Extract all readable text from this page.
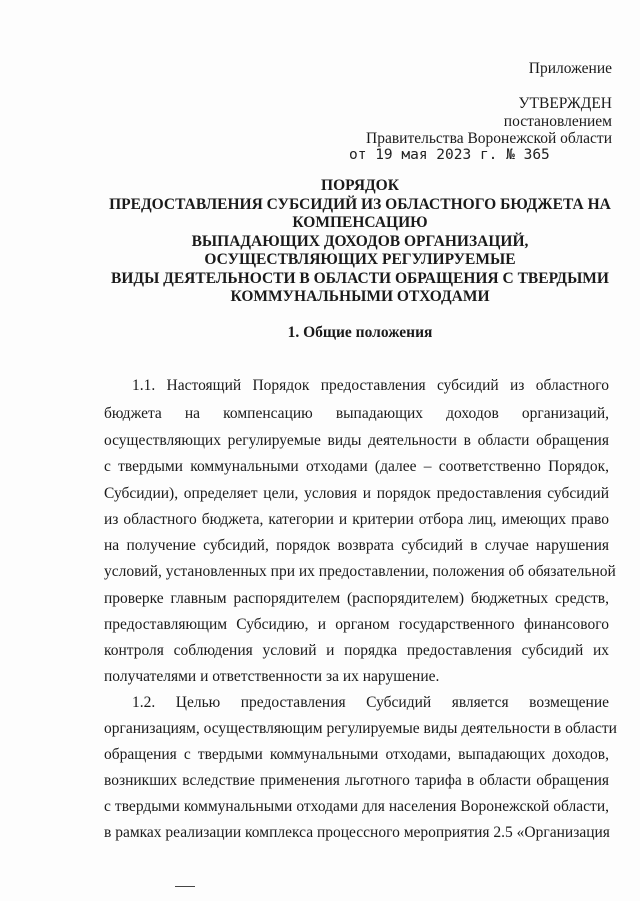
Приложение
УТВЕРЖДЕН
постановлением
Правительства Воронежской области
от 19 мая 2023 г. № 365
ПОРЯДОК
ПРЕДОСТАВЛЕНИЯ СУБСИДИЙ ИЗ ОБЛАСТНОГО БЮДЖЕТА НА
КОМПЕНСАЦИЮ
ВЫПАДАЮЩИХ ДОХОДОВ ОРГАНИЗАЦИЙ,
ОСУЩЕСТВЛЯЮЩИХ РЕГУЛИРУЕМЫЕ
ВИДЫ ДЕЯТЕЛЬНОСТИ В ОБЛАСТИ ОБРАЩЕНИЯ С ТВЕРДЫМИ
КОММУНАЛЬНЫМИ ОТХОДАМИ
1. Общие положения
1.1. Настоящий Порядок предоставления субсидий из областного
бюджета на компенсацию выпадающих доходов организаций,
осуществляющих регулируемые виды деятельности в области обращения
с твердыми коммунальными отходами (далее – соответственно Порядок,
Субсидии), определяет цели, условия и порядок предоставления субсидий
из областного бюджета, категории и критерии отбора лиц, имеющих право
на получение субсидий, порядок возврата субсидий в случае нарушения
условий, установленных при их предоставлении, положения об обязательной
проверке главным распорядителем (распорядителем) бюджетных средств,
предоставляющим Субсидию, и органом государственного финансового
контроля соблюдения условий и порядка предоставления субсидий их
получателями и ответственности за их нарушение.
1.2. Целью предоставления Субсидий является возмещение
организациям, осуществляющим регулируемые виды деятельности в области
обращения с твердыми коммунальными отходами, выпадающих доходов,
возникших вследствие применения льготного тарифа в области обращения
с твердыми коммунальными отходами для населения Воронежской области,
в рамках реализации комплекса процессного мероприятия 2.5 «Организация
